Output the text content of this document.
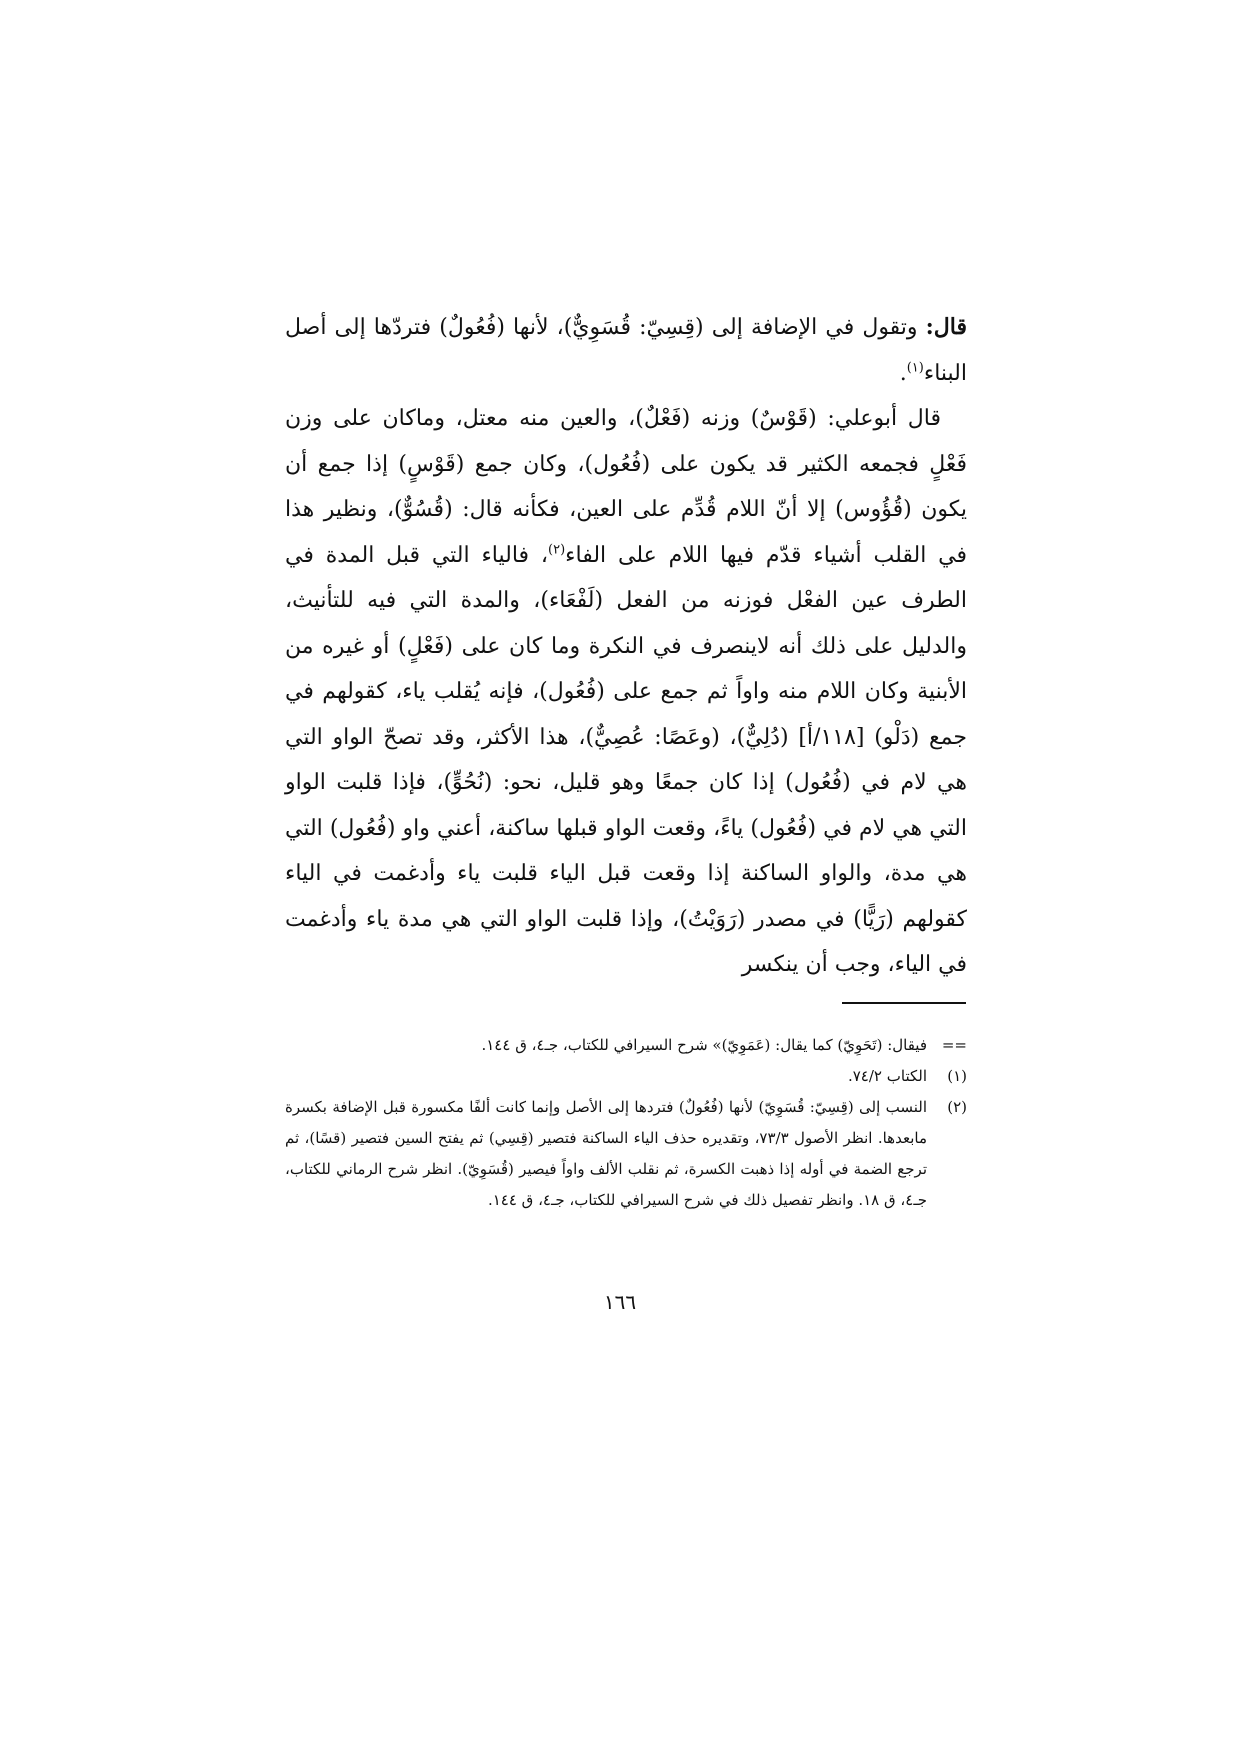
قال: وتقول في الإضافة إلى (قِسِيّ: قُسَوِيٌّ)، لأنها (فُعُولٌ) فتردّها إلى أصل البناء$^{(١)}$.

قال أبوعلي: (قَوْسٌ) وزنه (فَعْلٌ)، والعين منه معتل، وماكان على وزن فَعْلٍ فجمعه الكثير قد يكون على (فُعُول)، وكان جمع (قَوْسٍ) إذا جمع أن يكون (قُؤُوس) إلا أنّ اللام قُدِّم على العين، فكأنه قال: (قُسُوٌّ)، ونظير هذا في القلب أشياء قدّم فيها اللام على الفاء$^{(٢)}$، فالياء التي قبل المدة في الطرف عين الفعْل فوزنه من الفعل (لَفْعَاء)، والمدة التي فيه للتأنيث، والدليل على ذلك أنه لاينصرف في النكرة وما كان على (فَعْلٍ) أو غيره من الأبنية وكان اللام منه واواً ثم جمع على (فُعُول)، فإنه يُقلب ياء، كقولهم في جمع (دَلْو) [١١٨/أ] (دُلِيٌّ)، (وعَصًا: عُصِيٌّ)، هذا الأكثر، وقد تصحّ الواو التي هي لام في (فُعُول) إذا كان جمعًا وهو قليل، نحو: (نُحُوٍّ)، فإذا قلبت الواو التي هي لام في (فُعُول) ياءً، وقعت الواو قبلها ساكنة، أعني واو (فُعُول) التي هي مدة، والواو الساكنة إذا وقعت قبل الياء قلبت ياء وأدغمت في الياء كقولهم (رَيًّا) في مصدر (رَوَيْتُ)، وإذا قلبت الواو التي هي مدة ياء وأدغمت في الياء، وجب أن ينكسر

==
فيقال: (تَحَوِيّ) كما يقال: (عَمَوِيّ)» شرح السيرافي للكتاب، جـ٤، ق ١٤٤.
(١)
الكتاب ٧٤/٢.
(٢)
النسب إلى (قِسِيّ: قُسَوِيّ) لأنها (فُعُولٌ) فتردها إلى الأصل وإنما كانت ألفًا مكسورة قبل الإضافة بكسرة مابعدها. انظر الأصول ٧٣/٣، وتقديره حذف الياء الساكنة فتصير (قِسِي) ثم يفتح السين فتصير (قسًا)، ثم ترجع الضمة في أوله إذا ذهبت الكسرة، ثم نقلب الألف واواً فيصير (قُسَوِيّ). انظر شرح الرماني للكتاب، جـ٤، ق ١٨. وانظر تفصيل ذلك في شرح السيرافي للكتاب، جـ٤، ق ١٤٤.
١٦٦
